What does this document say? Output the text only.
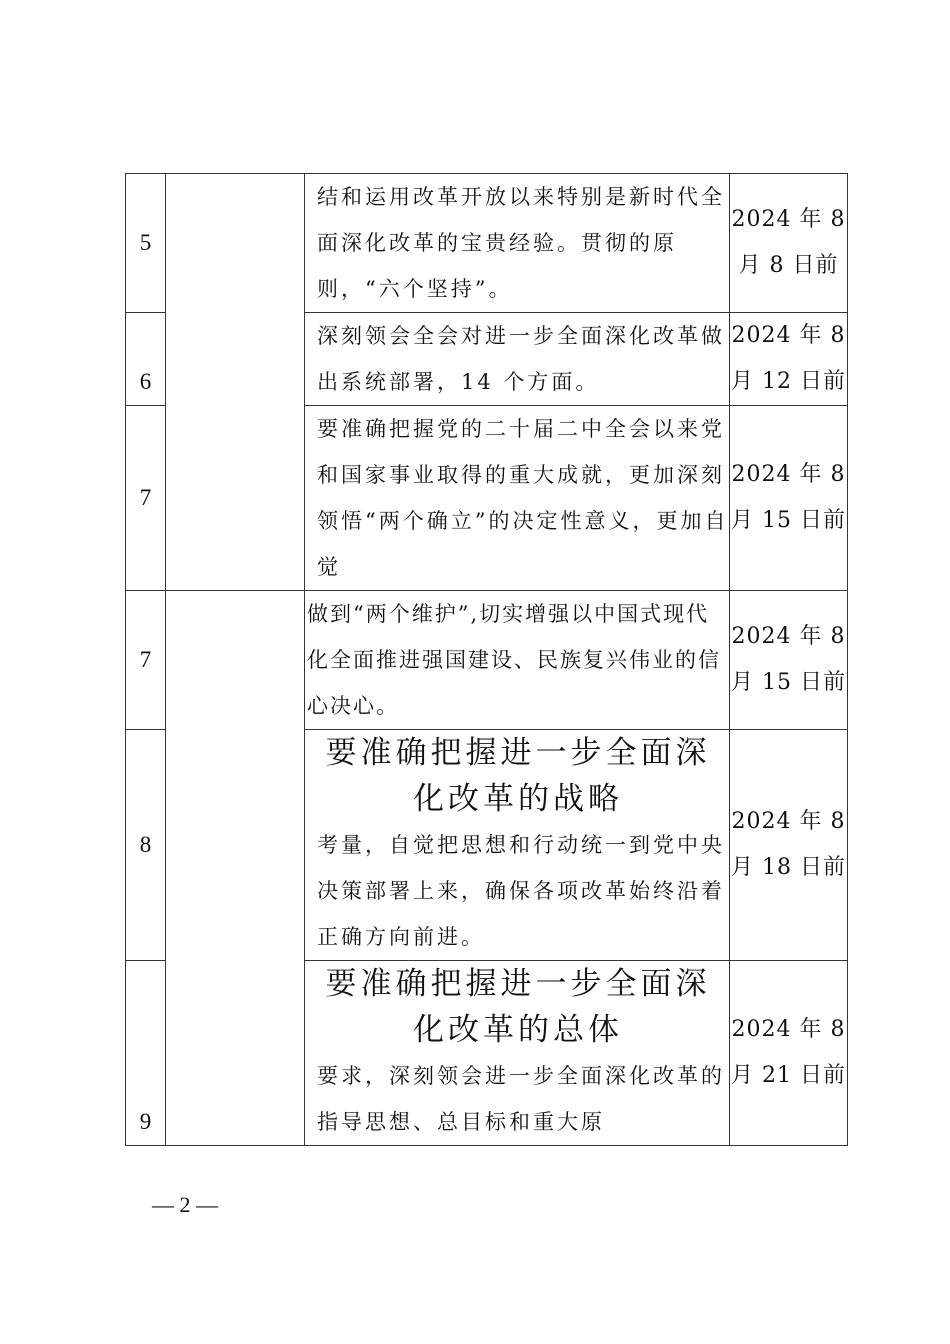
5		结和运用改革开放以来特别是新时代全面深化改革的宝贵经验。贯彻的原则，“六个坚持”。	2024 年 8 月 8 日前
6		深刻领会全会对进一步全面深化改革做出系统部署，14 个方面。	2024 年 8 月 12 日前
7		要准确把握党的二十届二中全会以来党和国家事业取得的重大成就，更加深刻领悟“两个确立”的决定性意义，更加自觉	2024 年 8 月 15 日前
7		做到“两个维护”,切实增强以中国式现代化全面推进强国建设、民族复兴伟业的信心决心。	2024 年 8 月 15 日前
8		要准确把握进一步全面深化改革的战略
考量，自觉把思想和行动统一到党中央决策部署上来，确保各项改革始终沿着正确方向前进。	2024 年 8 月 18 日前
9		要准确把握进一步全面深化改革的总体
要求，深刻领会进一步全面深化改革的指导思想、总目标和重大原	2024 年 8 月 21 日前
— 2 —
